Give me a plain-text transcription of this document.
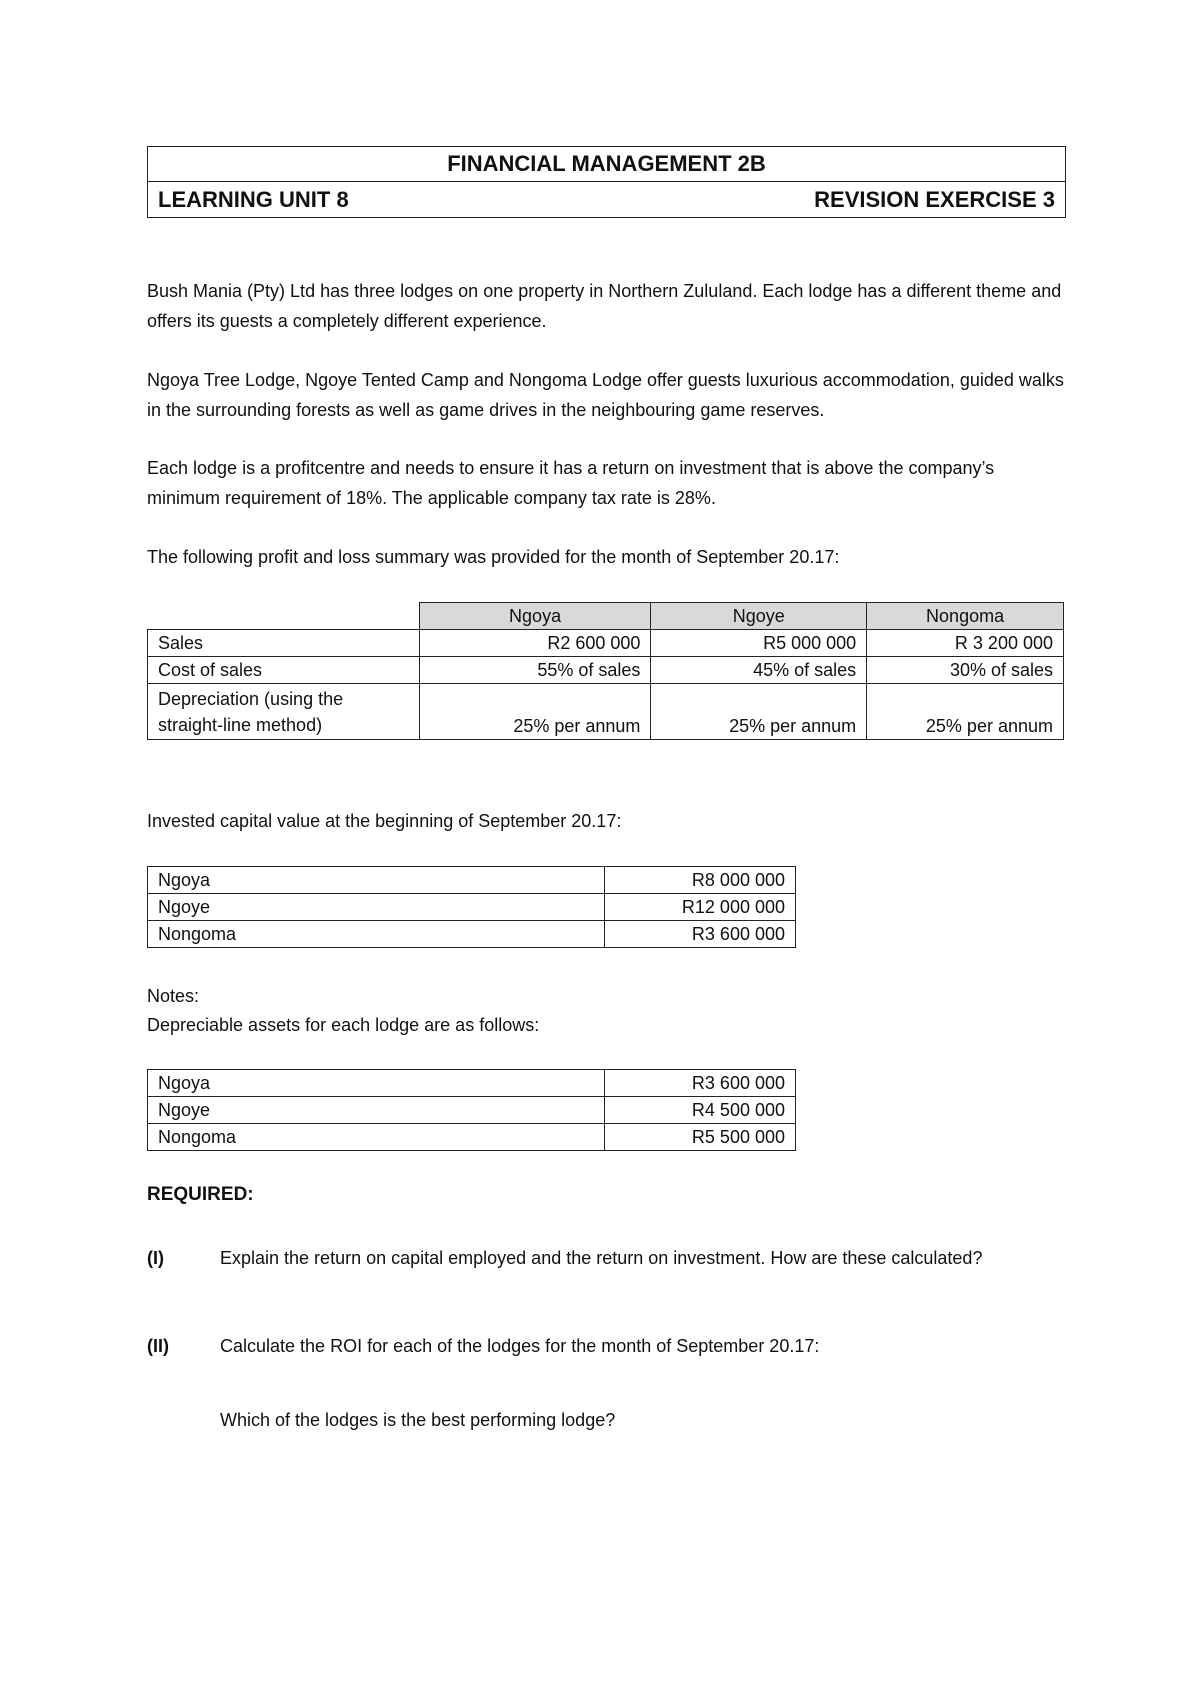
FINANCIAL MANAGEMENT 2B
LEARNING UNIT 8	REVISION EXERCISE 3

Bush Mania (Pty) Ltd has three lodges on one property in Northern Zululand. Each lodge has a different theme and offers its guests a completely different experience.

Ngoya Tree Lodge, Ngoye Tented Camp and Nongoma Lodge offer guests luxurious accommodation, guided walks in the surrounding forests as well as game drives in the neighbouring game reserves.

Each lodge is a profitcentre and needs to ensure it has a return on investment that is above the company’s minimum requirement of 18%. The applicable company tax rate is 28%.

The following profit and loss summary was provided for the month of September 20.17:

	Ngoya	Ngoye	Nongoma
Sales	R2 600 000	R5 000 000	R 3 200 000
Cost of sales	55% of sales	45% of sales	30% of sales

Depreciation (using the
straight-line method)	25% per annum	25% per annum	25% per annum

Invested capital value at the beginning of September 20.17:

Ngoya	R8 000 000
Ngoye	R12 000 000
Nongoma	R3 600 000

Notes:

Depreciable assets for each lodge are as follows:

Ngoya	R3 600 000
Ngoye	R4 500 000
Nongoma	R5 500 000
REQUIRED:
(I)	Explain the return on capital employed and the return on investment. How are these calculated?
(II)	Calculate the ROI for each of the lodges for the month of September 20.17:
Which of the lodges is the best performing lodge?
